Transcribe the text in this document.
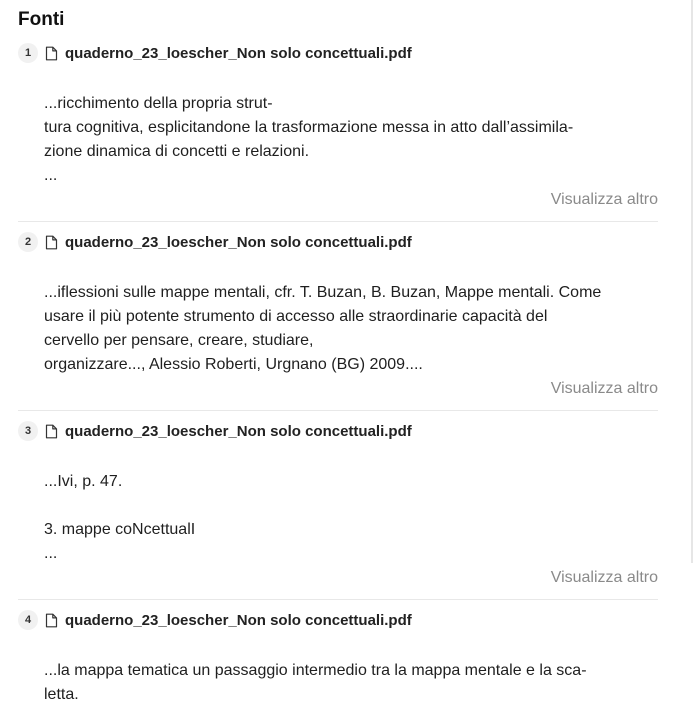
Fonti
1	quaderno_23_loescher_Non solo concettuali.pdf

...ricchimento della propria strut-
tura cognitiva, esplicitandone la trasformazione messa in atto dall’assimila-
zione dinamica di concetti e relazioni.
...

Visualizza altro

2	quaderno_23_loescher_Non solo concettuali.pdf

...iflessioni sulle mappe mentali, cfr. T. Buzan, B. Buzan, Mappe mentali. Come
usare il più potente strumento di accesso alle straordinarie capacità del
cervello per pensare, creare, studiare,
organizzare..., Alessio Roberti, Urgnano (BG) 2009....

Visualizza altro

3	quaderno_23_loescher_Non solo concettuali.pdf

...Ivi, p. 47.

3. mappe coNcettualI
...

Visualizza altro

4	quaderno_23_loescher_Non solo concettuali.pdf

...la mappa tematica un passaggio intermedio tra la mappa mentale e la sca-
letta.
